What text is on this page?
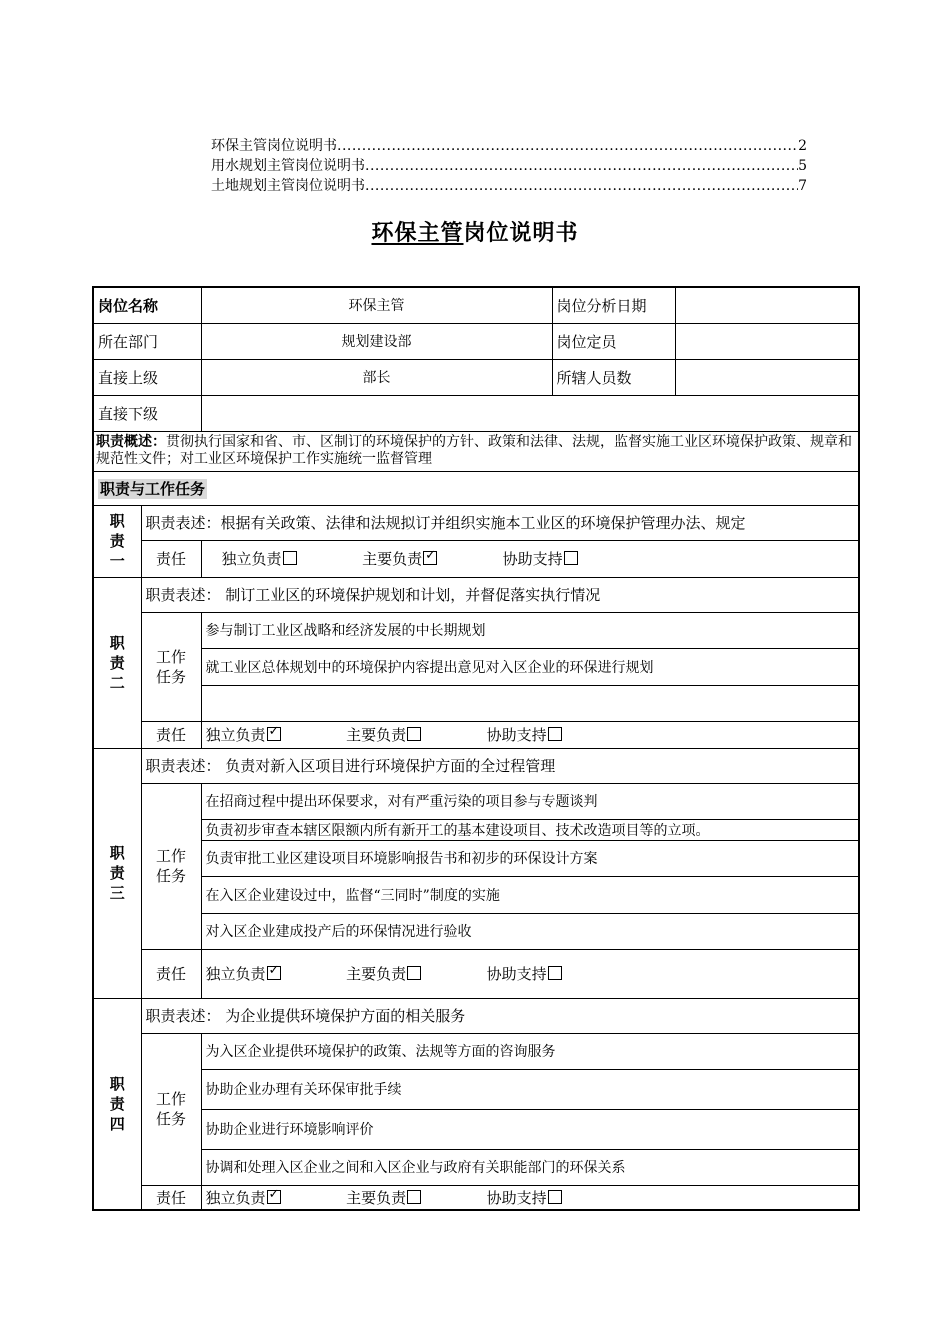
环保主管岗位说明书 .....	2
用水规划主管岗位说明书 .....	5
土地规划主管岗位说明书 .....	7
环保主管岗位说明书
岗位名称		环保主管	岗位分析日期	
所在部门		规划建设部	岗位定员	
直接上级		部长	所辖人员数	
直接下级				
职责概述：贯彻执行国家和省、市、区制订的环境保护的方针、政策和法律、法规，监督实施工业区环境保护政策、规章和规范性文件；对工业区环境保护工作实施统一监督管理				
职责与工作任务				
职
责
一	职责表述：根据有关政策、法律和法规拟订并组织实施本工业区的环境保护管理办法、规定			
	责任	独立负责 主要负责 ✓ 协助支持
职
责
二	职责表述： 制订工业区的环境保护规划和计划，并督促落实执行情况			
	工作
任务	参与制订工业区战略和经济发展的中长期规划		
		就工业区总体规划中的环境保护内容提出意见对入区企业的环保进行规划		

	责任	独立负责 ✓ 主要负责 协助支持
职
责
三	职责表述： 负责对新入区项目进行环境保护方面的全过程管理			
	工作
任务	在招商过程中提出环保要求，对有严重污染的项目参与专题谈判		
		负责初步审查本辖区限额内所有新开工的基本建设项目、技术改造项目等的立项。		
		负责审批工业区建设项目环境影响报告书和初步的环保设计方案		
		在入区企业建设过中，监督“三同时”制度的实施		
		对入区企业建成投产后的环保情况进行验收		
	责任	独立负责 ✓ 主要负责 协助支持
职
责
四	职责表述： 为企业提供环境保护方面的相关服务			
	工作
任务	为入区企业提供环境保护的政策、法规等方面的咨询服务		
		协助企业办理有关环保审批手续		
		协助企业进行环境影响评价		
		协调和处理入区企业之间和入区企业与政府有关职能部门的环保关系		
	责任	独立负责 ✓ 主要负责 协助支持
